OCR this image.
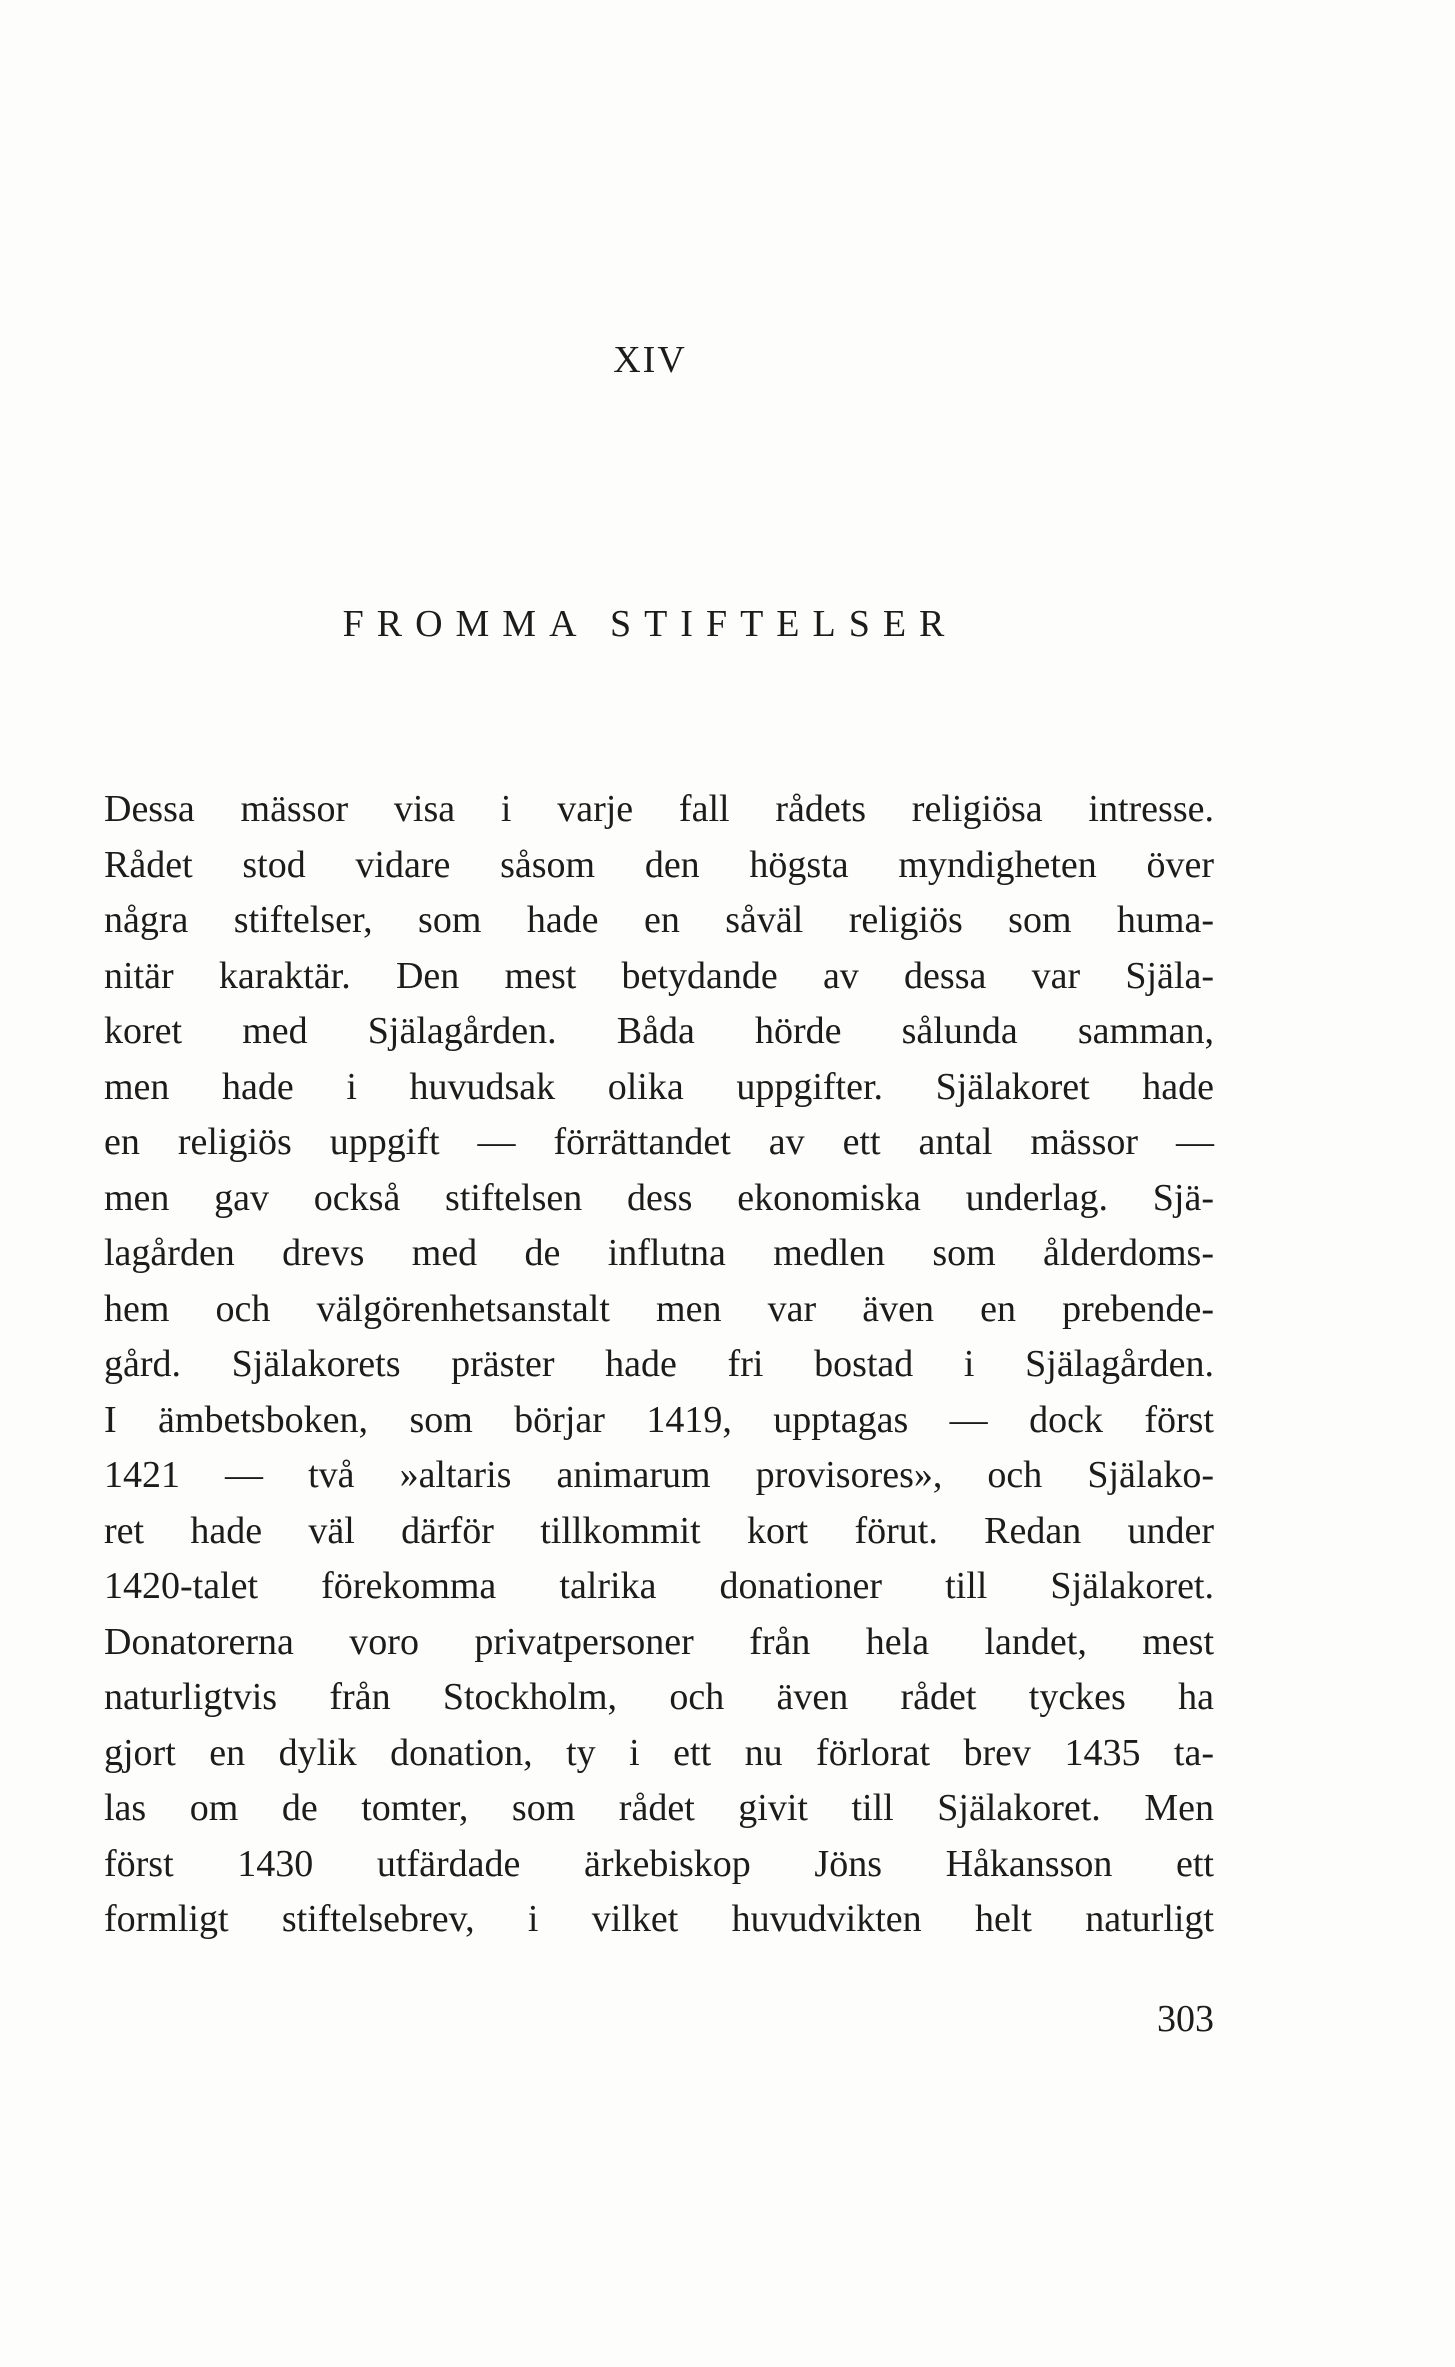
XIV
FROMMA STIFTELSER
Dessa mässor visa i varje fall rådets religiösa intresse.
Rådet stod vidare såsom den högsta myndigheten över
några stiftelser, som hade en såväl religiös som huma-
nitär karaktär. Den mest betydande av dessa var Själa-
koret med Själagården. Båda hörde sålunda samman,
men hade i huvudsak olika uppgifter. Själakoret hade
en religiös uppgift — förrättandet av ett antal mässor —
men gav också stiftelsen dess ekonomiska underlag. Sjä-
lagården drevs med de influtna medlen som ålderdoms-
hem och välgörenhetsanstalt men var även en prebende-
gård. Själakorets präster hade fri bostad i Själagården.
I ämbetsboken, som börjar 1419, upptagas — dock först
1421 — två »altaris animarum provisores», och Själako-
ret hade väl därför tillkommit kort förut. Redan under
1420-talet förekomma talrika donationer till Själakoret.
Donatorerna voro privatpersoner från hela landet, mest
naturligtvis från Stockholm, och även rådet tyckes ha
gjort en dylik donation, ty i ett nu förlorat brev 1435 ta-
las om de tomter, som rådet givit till Själakoret. Men
först 1430 utfärdade ärkebiskop Jöns Håkansson ett
formligt stiftelsebrev, i vilket huvudvikten helt naturligt
303
